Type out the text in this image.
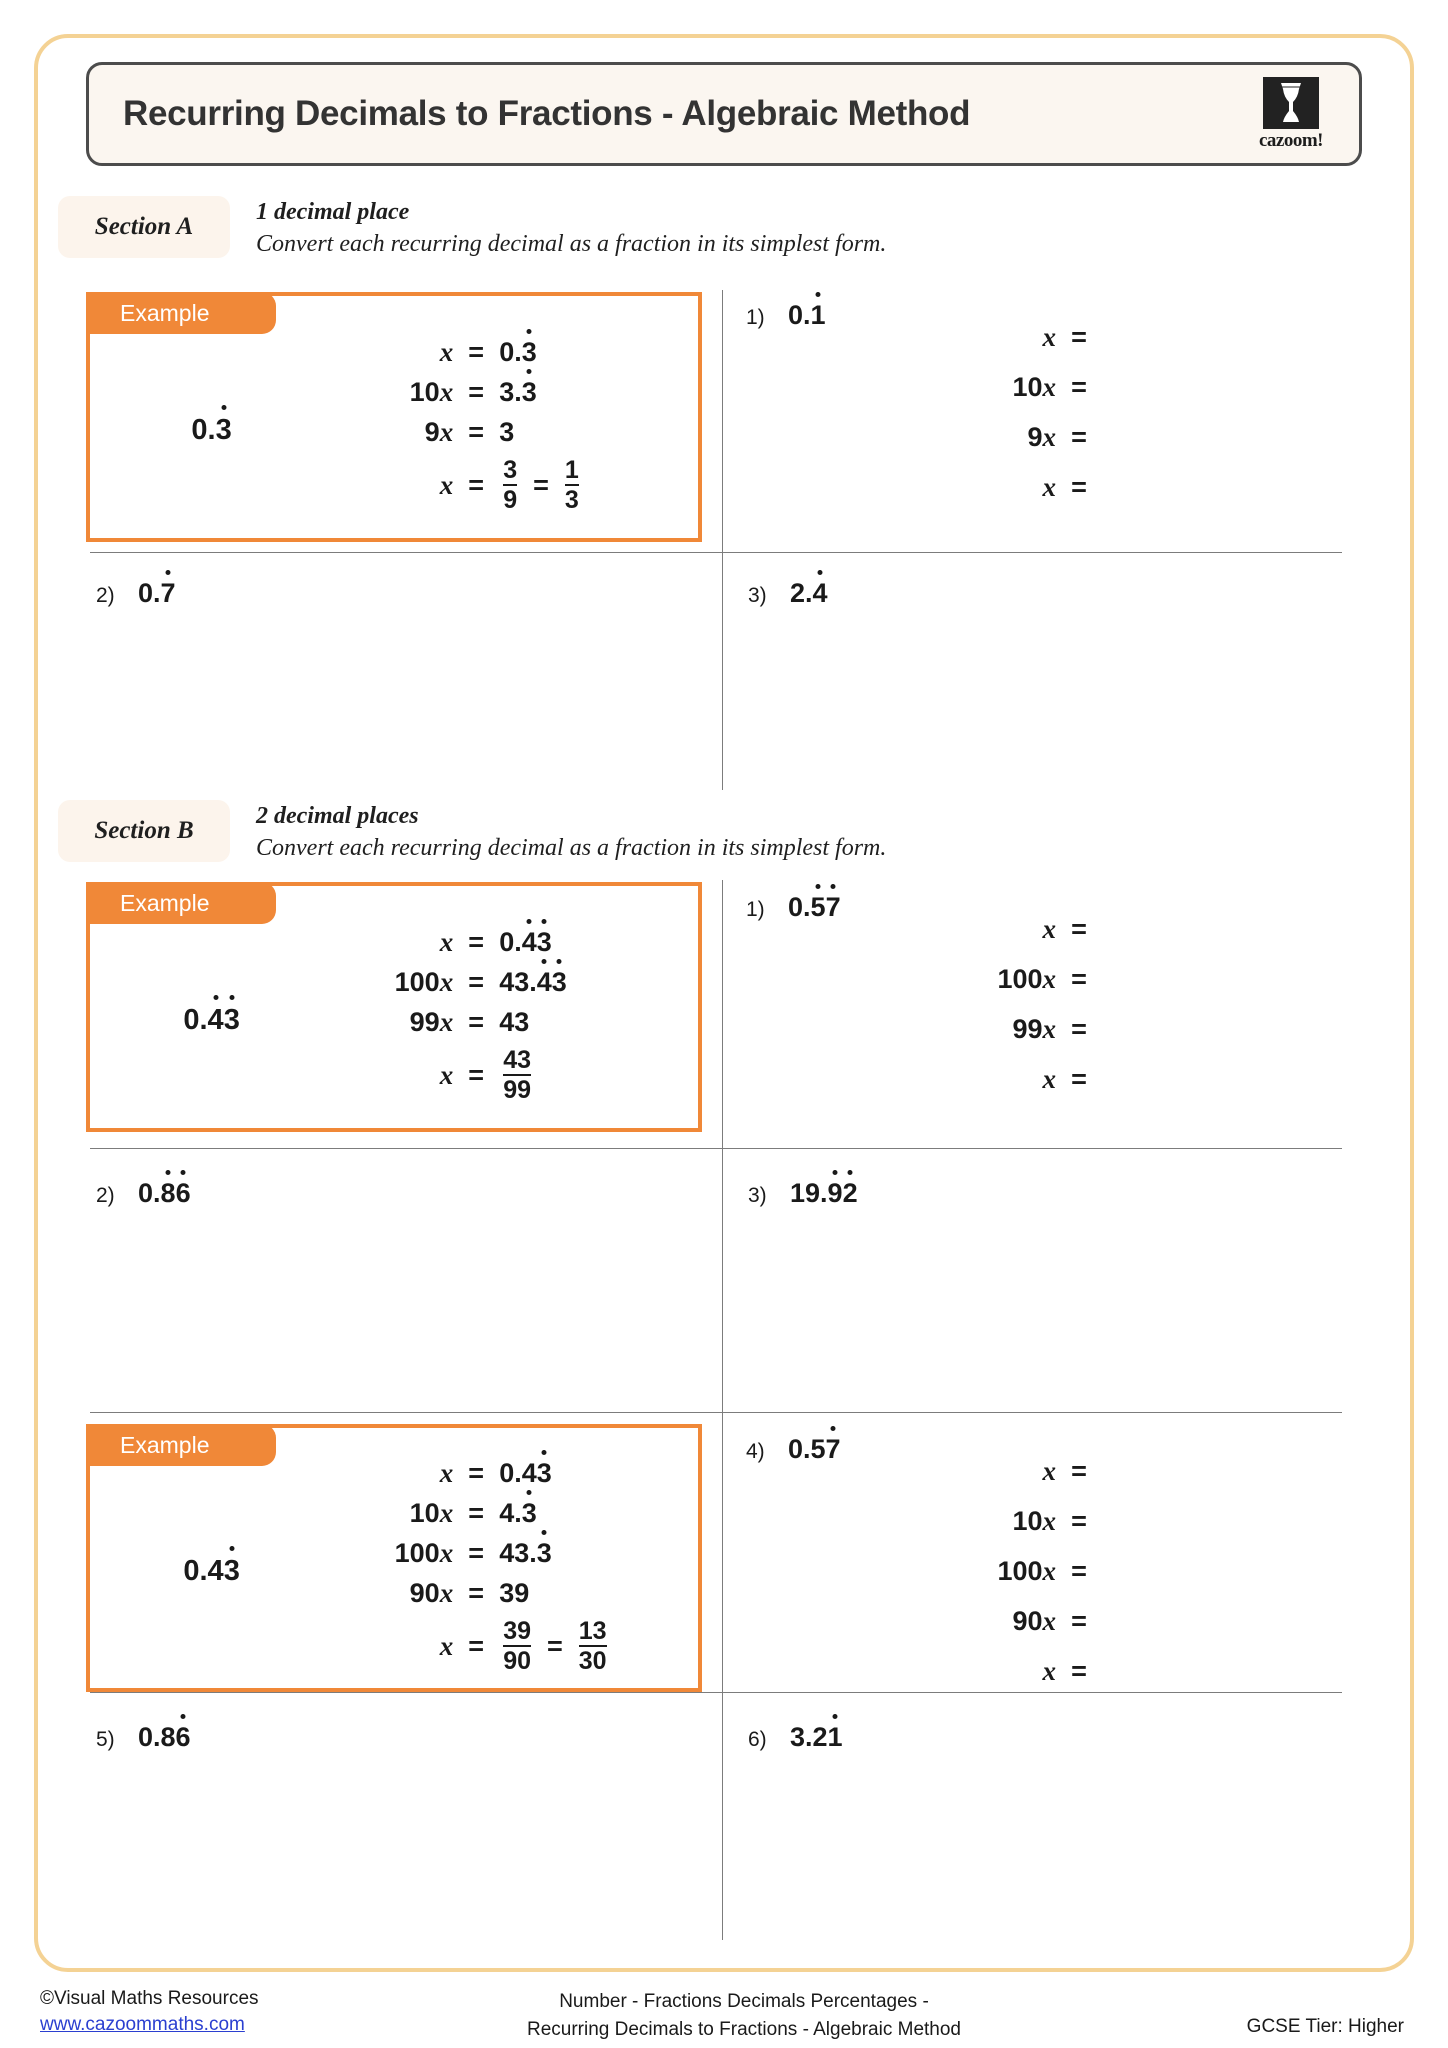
Recurring Decimals to Fractions - Algebraic Method
cazoom!
Section A
1 decimal place
Convert each recurring decimal as a fraction in its simplest form.
Example
0.3
x = 0. 3
10x = 3. 3
9x = 3
$x = \frac{3}{9} = \frac{1}{3}$
1) 0.1
x =
10x =
9x =
x =
2) 0.7	3) 2.4
Section B
2 decimal places
Convert each recurring decimal as a fraction in its simplest form.
Example
0.43
x = 0. 4 3
100x = 43. 4 3
99x = 43
$x = \frac{43}{99}$
1) 0.57
x =
100x =
99x =
x =
2) 0.86	3) 19.92
Example
0.43
x = 0.4 3
10x = 4. 3
100x = 43. 3
90x = 39
$x = \frac{39}{90} = \frac{13}{30}$
4) 0.57
x =
10x =
100x =
90x =
x =
5) 0.86	6) 3.21
©Visual Maths Resources
www.cazoommaths.com
Number - Fractions Decimals Percentages -
Recurring Decimals to Fractions - Algebraic Method	GCSE Tier: Higher
